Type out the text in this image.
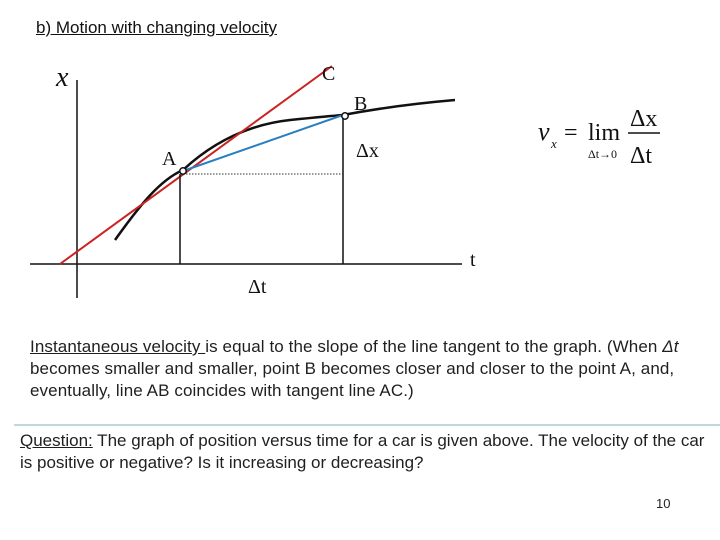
b) Motion with changing velocity
x
t
A
B
C
Δx
Δt
v x = lim
Δt→0
Δx
Δt
Instantaneous velocity is equal to the slope of the line tangent to the graph. (When Δt becomes smaller and smaller, point B becomes closer and closer to the point A, and, eventually, line AB coincides with tangent line AC.)
Question: The graph of position versus time for a car is given above. The velocity of the car is positive or negative? Is it increasing or decreasing?
10
